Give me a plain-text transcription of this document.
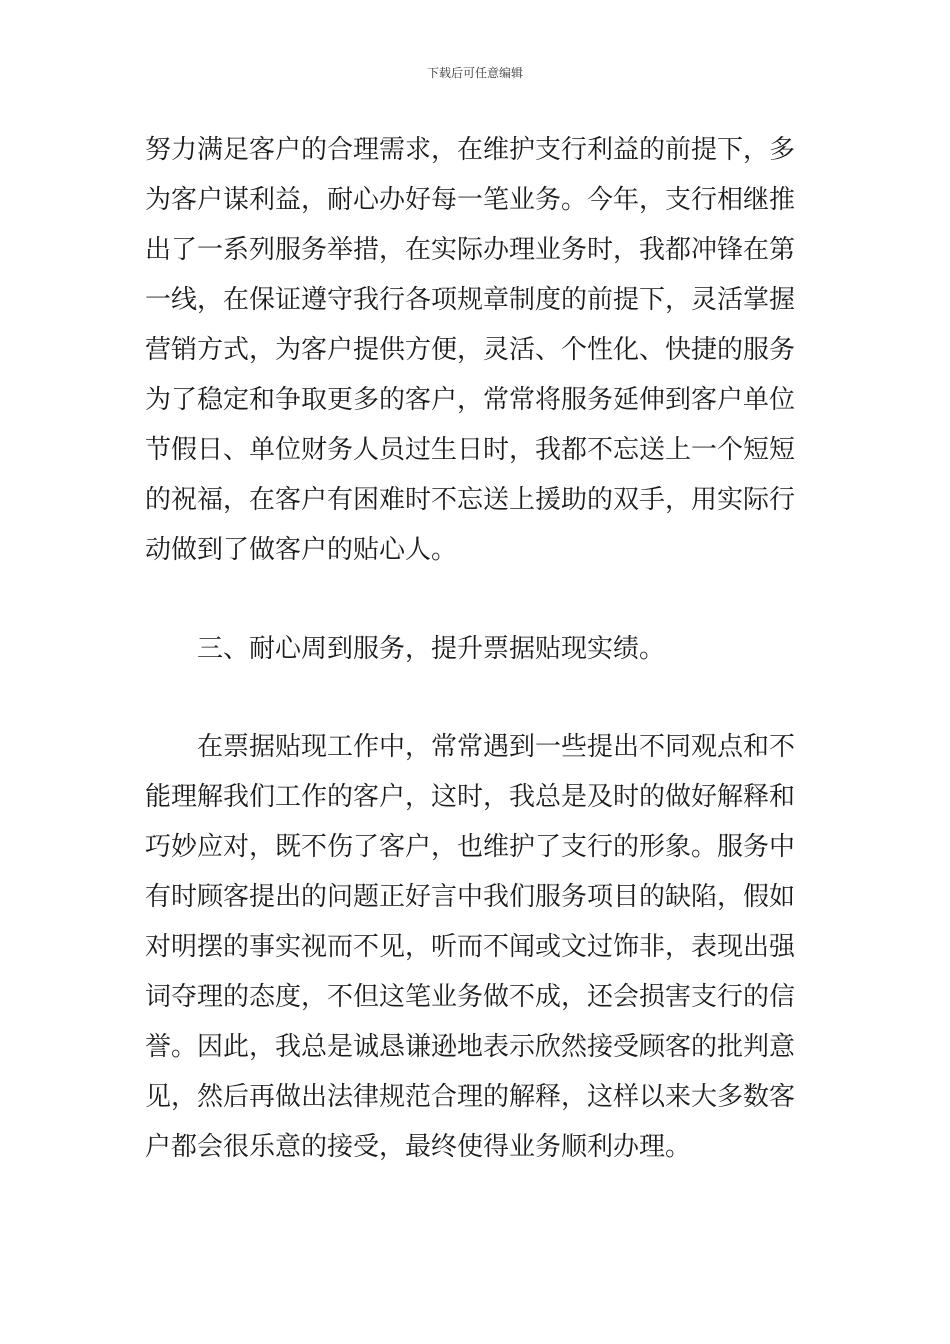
下载后可任意编辑
努力满足客户的合理需求，在维护支行利益的前提下，多
为客户谋利益，耐心办好每一笔业务。今年，支行相继推
出了一系列服务举措，在实际办理业务时，我都冲锋在第
一线，在保证遵守我行各项规章制度的前提下，灵活掌握
营销方式，为客户提供方便，灵活、个性化、快捷的服务
为了稳定和争取更多的客户，常常将服务延伸到客户单位
节假日、单位财务人员过生日时，我都不忘送上一个短短
的祝福，在客户有困难时不忘送上援助的双手，用实际行
动做到了做客户的贴心人。
三、耐心周到服务，提升票据贴现实绩。
在票据贴现工作中，常常遇到一些提出不同观点和不
能理解我们工作的客户，这时，我总是及时的做好解释和
巧妙应对，既不伤了客户，也维护了支行的形象。服务中
有时顾客提出的问题正好言中我们服务项目的缺陷，假如
对明摆的事实视而不见，听而不闻或文过饰非，表现出强
词夺理的态度，不但这笔业务做不成，还会损害支行的信
誉。因此，我总是诚恳谦逊地表示欣然接受顾客的批判意
见，然后再做出法律规范合理的解释，这样以来大多数客
户都会很乐意的接受，最终使得业务顺利办理。
